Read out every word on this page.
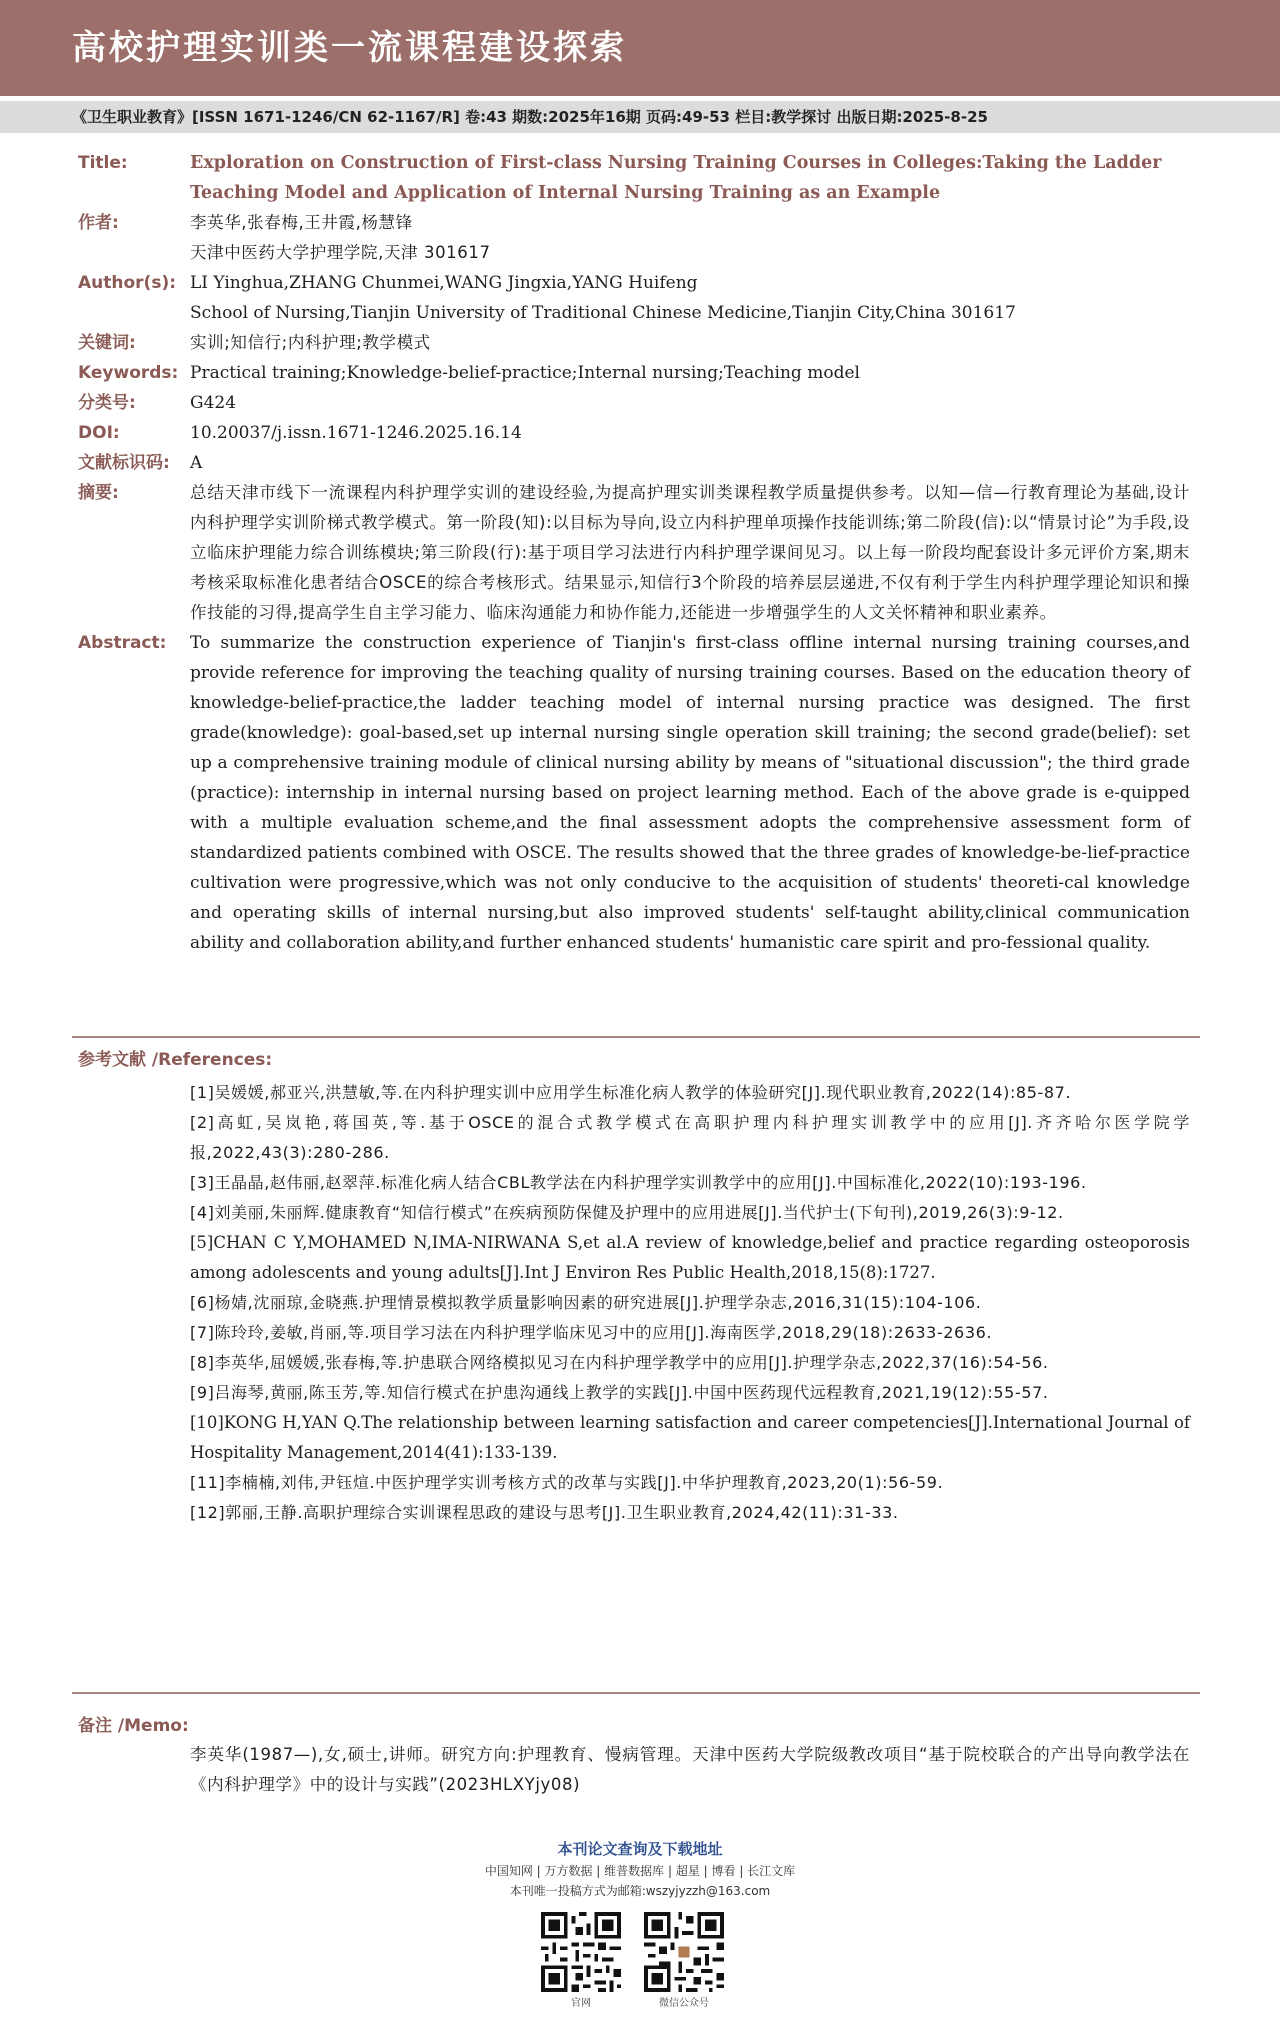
高校护理实训类一流课程建设探索
《卫生职业教育》[ISSN 1671-1246/CN 62-1167/R] 卷:43 期数:2025年16期 页码:49-53 栏目:教学探讨 出版日期:2025-8-25
Title:	Exploration on Construction of First-class Nursing Training Courses in Colleges:Taking the Ladder Teaching Model and Application of Internal Nursing Training as an Example
作者:	李英华,张春梅,王井霞,杨慧锋

天津中医药大学护理学院,天津 301617

Author(s): LI Yinghua,ZHANG Chunmei,WANG Jingxia,YANG Huifeng

School of Nursing,Tianjin University of Traditional Chinese Medicine,Tianjin City,China 301617

关键词:	实训;知信行;内科护理;教学模式
Keywords: Practical training;Knowledge-belief-practice;Internal nursing;Teaching model
分类号:	G424
DOI:	10.20037/j.issn.1671-1246.2025.16.14
文献标识码:	A
摘要:	总结天津市线下一流课程内科护理学实训的建设经验,为提高护理实训类课程教学质量提供参考。以知—信—行教育理论为基础,设计内科护理学实训阶梯式教学模式。第一阶段(知):以目标为导向,设立内科护理单项操作技能训练;第二阶段(信):以“情景讨论”为手段,设立临床护理能力综合训练模块;第三阶段(行):基于项目学习法进行内科护理学课间见习。以上每一阶段均配套设计多元评价方案,期末考核采取标准化患者结合OSCE的综合考核形式。结果显示,知信行3个阶段的培养层层递进,不仅有利于学生内科护理学理论知识和操作技能的习得,提高学生自主学习能力、临床沟通能力和协作能力,还能进一步增强学生的人文关怀精神和职业素养。
Abstract:	To summarize the construction experience of Tianjin's first-class offline internal nursing training courses,and provide reference for improving the teaching quality of nursing training courses. Based on the education theory of knowledge-belief-practice,the ladder teaching model of internal nursing practice was designed. The first grade(knowledge): goal-based,set up internal nursing single operation skill training; the second grade(belief): set up a comprehensive training module of clinical nursing ability by means of "situational discussion"; the third grade (practice): internship in internal nursing based on project learning method. Each of the above grade is e-quipped with a multiple evaluation scheme,and the final assessment adopts the comprehensive assessment form of standardized patients combined with OSCE. The results showed that the three grades of knowledge-be-lief-practice cultivation were progressive,which was not only conducive to the acquisition of students' theoreti-cal knowledge and operating skills of internal nursing,but also improved students' self-taught ability,clinical communication ability and collaboration ability,and further enhanced students' humanistic care spirit and pro-fessional quality.
参考文献 /References:
[1]吴媛媛,郝亚兴,洪慧敏,等.在内科护理实训中应用学生标准化病人教学的体验研究[J].现代职业教育,2022(14):85-87.
[2]高虹,吴岚艳,蒋国英,等.基于OSCE的混合式教学模式在高职护理内科护理实训教学中的应用[J].齐齐哈尔医学院学报,2022,43(3):280-286.
[3]王晶晶,赵伟丽,赵翠萍.标准化病人结合CBL教学法在内科护理学实训教学中的应用[J].中国标准化,2022(10):193-196.
[4]刘美丽,朱丽辉.健康教育“知信行模式”在疾病预防保健及护理中的应用进展[J].当代护士(下旬刊),2019,26(3):9-12.
[5]CHAN C Y,MOHAMED N,IMA-NIRWANA S,et al.A review of knowledge,belief and practice regarding osteoporosis among adolescents and young adults[J].Int J Environ Res Public Health,2018,15(8):1727.
[6]杨婧,沈丽琼,金晓燕.护理情景模拟教学质量影响因素的研究进展[J].护理学杂志,2016,31(15):104-106.
[7]陈玲玲,姜敏,肖丽,等.项目学习法在内科护理学临床见习中的应用[J].海南医学,2018,29(18):2633-2636.
[8]李英华,屈媛媛,张春梅,等.护患联合网络模拟见习在内科护理学教学中的应用[J].护理学杂志,2022,37(16):54-56.
[9]吕海琴,黄丽,陈玉芳,等.知信行模式在护患沟通线上教学的实践[J].中国中医药现代远程教育,2021,19(12):55-57.
[10]KONG H,YAN Q.The relationship between learning satisfaction and career competencies[J].International Journal of Hospitality Management,2014(41):133-139.
[11]李楠楠,刘伟,尹钰煊.中医护理学实训考核方式的改革与实践[J].中华护理教育,2023,20(1):56-59.
[12]郭丽,王静.高职护理综合实训课程思政的建设与思考[J].卫生职业教育,2024,42(11):31-33.
备注 /Memo:
李英华(1987—),女,硕士,讲师。研究方向:护理教育、慢病管理。天津中医药大学院级教改项目“基于院校联合的产出导向教学法在《内科护理学》中的设计与实践”(2023HLXYjy08)
本刊论文查询及下载地址
中国知网 | 万方数据 | 维普数据库 | 超星 | 博看 | 长江文库
本刊唯一投稿方式为邮箱:wszyjyzzh@163.com
官网	微信公众号
